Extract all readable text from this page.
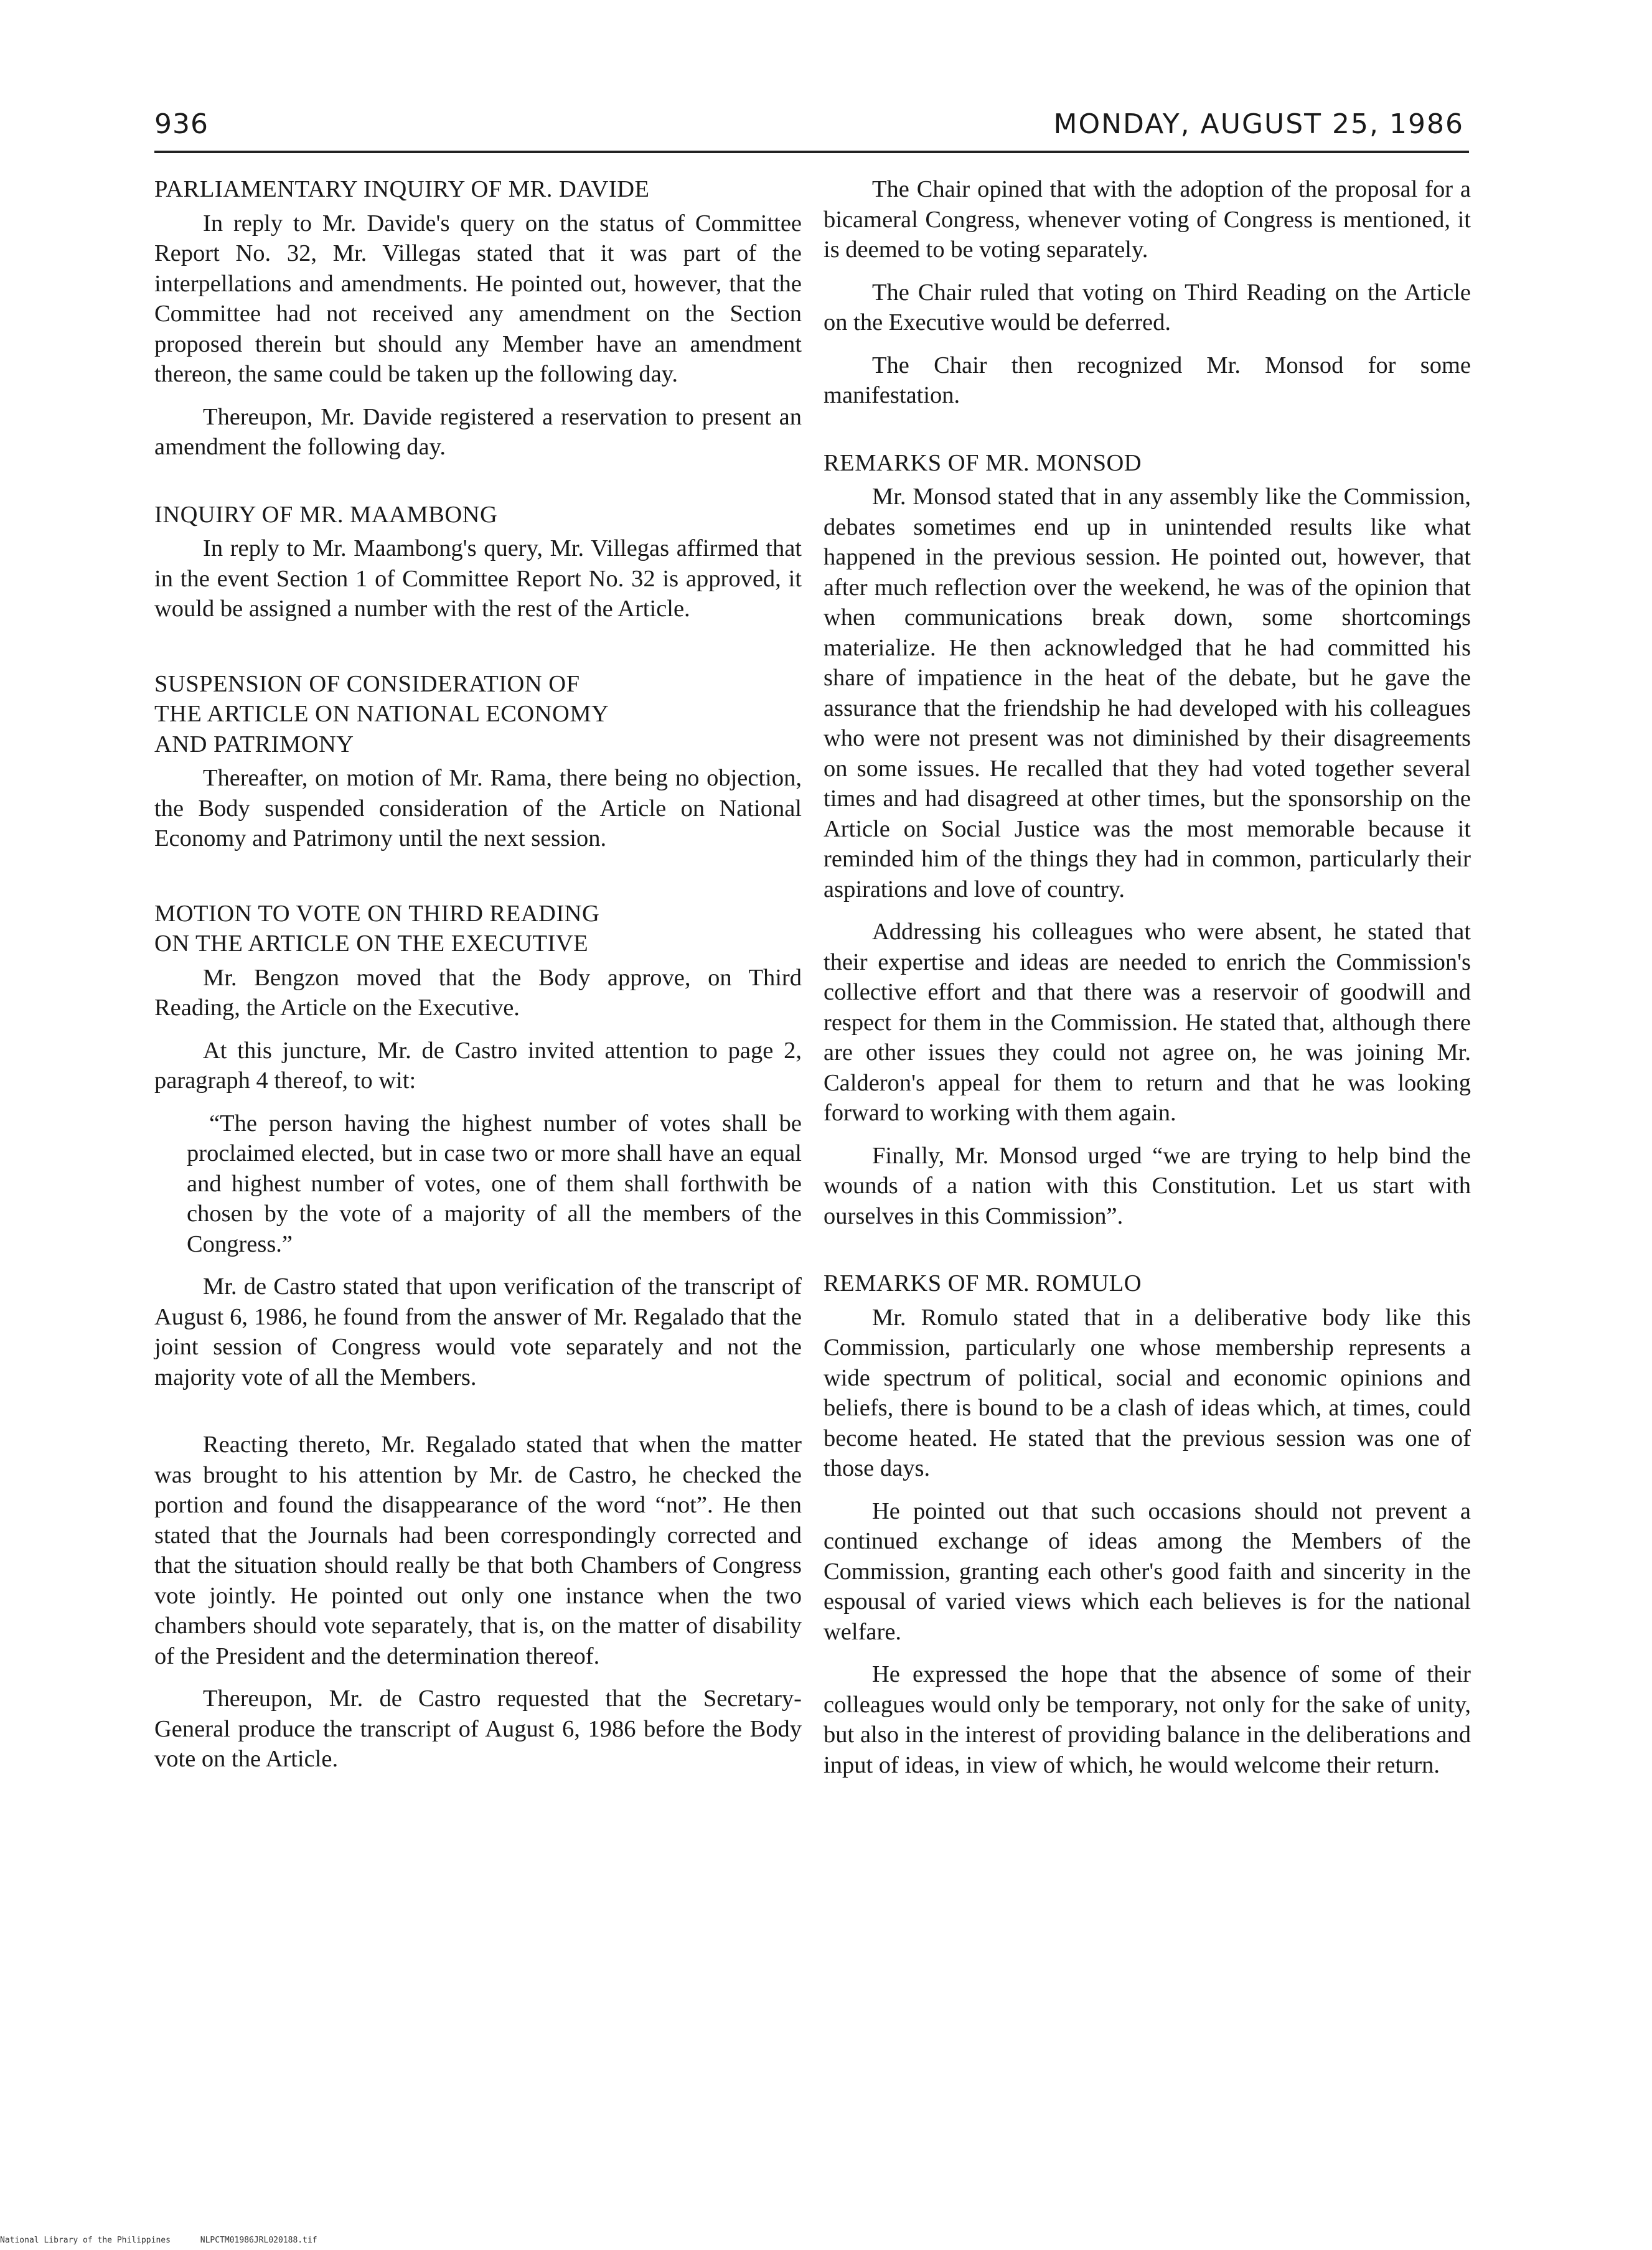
936	MONDAY, AUGUST 25, 1986
PARLIAMENTARY INQUIRY OF MR. DAVIDE

In reply to Mr. Davide's query on the status of Committee Report No. 32, Mr. Villegas stated that it was part of the interpellations and amendments. He pointed out, however, that the Committee had not received any amendment on the Section proposed therein but should any Member have an amendment thereon, the same could be taken up the following day.

Thereupon, Mr. Davide registered a reservation to present an amendment the following day.

INQUIRY OF MR. MAAMBONG

In reply to Mr. Maambong's query, Mr. Villegas affirmed that in the event Section 1 of Committee Report No. 32 is approved, it would be assigned a number with the rest of the Article.

SUSPENSION OF CONSIDERATION OF
THE ARTICLE ON NATIONAL ECONOMY
AND PATRIMONY

Thereafter, on motion of Mr. Rama, there being no objection, the Body suspended consideration of the Article on National Economy and Patrimony until the next session.

MOTION TO VOTE ON THIRD READING
ON THE ARTICLE ON THE EXECUTIVE

Mr. Bengzon moved that the Body approve, on Third Reading, the Article on the Executive.

At this juncture, Mr. de Castro invited attention to page 2, paragraph 4 thereof, to wit:

“The person having the highest number of votes shall be proclaimed elected, but in case two or more shall have an equal and highest number of votes, one of them shall forthwith be chosen by the vote of a majority of all the members of the Congress.”

Mr. de Castro stated that upon verification of the transcript of August 6, 1986, he found from the answer of Mr. Regalado that the joint session of Congress would vote separately and not the majority vote of all the Members.

Reacting thereto, Mr. Regalado stated that when the matter was brought to his attention by Mr. de Castro, he checked the portion and found the disappearance of the word “not”. He then stated that the Journals had been correspondingly corrected and that the situation should really be that both Chambers of Congress vote jointly. He pointed out only one instance when the two chambers should vote separately, that is, on the matter of disability of the President and the determination thereof.

Thereupon, Mr. de Castro requested that the Secretary-General produce the transcript of August 6, 1986 before the Body vote on the Article.

The Chair opined that with the adoption of the proposal for a bicameral Congress, whenever voting of Congress is mentioned, it is deemed to be voting separately.

The Chair ruled that voting on Third Reading on the Article on the Executive would be deferred.

The Chair then recognized Mr. Monsod for some manifestation.

REMARKS OF MR. MONSOD

Mr. Monsod stated that in any assembly like the Commission, debates sometimes end up in unintended results like what happened in the previous session. He pointed out, however, that after much reflection over the weekend, he was of the opinion that when communications break down, some shortcomings materialize. He then acknowledged that he had committed his share of impatience in the heat of the debate, but he gave the assurance that the friendship he had developed with his colleagues who were not present was not diminished by their disagreements on some issues. He recalled that they had voted together several times and had disagreed at other times, but the sponsorship on the Article on Social Justice was the most memorable because it reminded him of the things they had in common, particularly their aspirations and love of country.

Addressing his colleagues who were absent, he stated that their expertise and ideas are needed to enrich the Commission's collective effort and that there was a reservoir of goodwill and respect for them in the Commission. He stated that, although there are other issues they could not agree on, he was joining Mr. Calderon's appeal for them to return and that he was looking forward to working with them again.

Finally, Mr. Monsod urged “we are trying to help bind the wounds of a nation with this Constitution. Let us start with ourselves in this Commission”.

REMARKS OF MR. ROMULO

Mr. Romulo stated that in a deliberative body like this Commission, particularly one whose membership represents a wide spectrum of political, social and economic opinions and beliefs, there is bound to be a clash of ideas which, at times, could become heated. He stated that the previous session was one of those days.

He pointed out that such occasions should not prevent a continued exchange of ideas among the Members of the Commission, granting each other's good faith and sincerity in the espousal of varied views which each believes is for the national welfare.

He expressed the hope that the absence of some of their colleagues would only be temporary, not only for the sake of unity, but also in the interest of providing balance in the deliberations and input of ideas, in view of which, he would welcome their return.

National Library of the Philippines	NLPCTM01986JRL020188.tif
